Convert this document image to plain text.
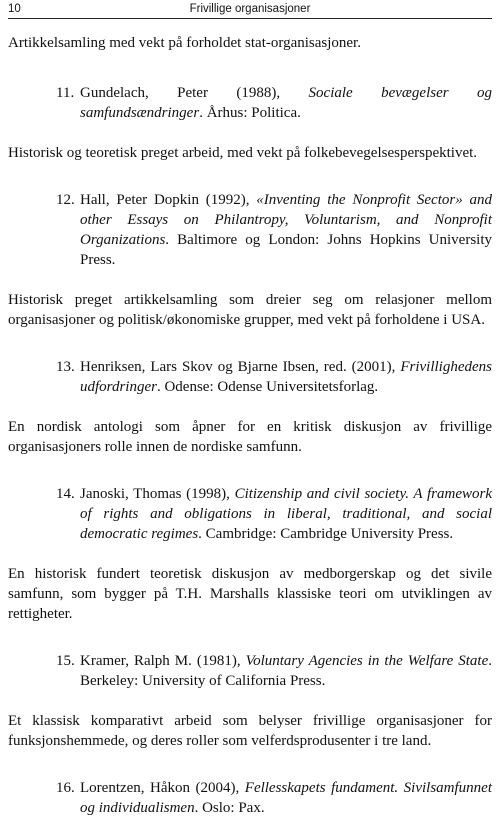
10	Frivillige organisasjoner

Artikkelsamling med vekt på forholdet stat-organisasjoner.

11. Gundelach, Peter (1988), Sociale bevægelser og samfundsændringer. Århus: Politica.

Historisk og teoretisk preget arbeid, med vekt på folkebevegelsesperspektivet.

12. Hall, Peter Dopkin (1992), «Inventing the Nonprofit Sector» and other Essays on Philantropy, Voluntarism, and Nonprofit Organizations. Baltimore og London: Johns Hopkins University Press.

Historisk preget artikkelsamling som dreier seg om relasjoner mellom organisasjoner og politisk/økonomiske grupper, med vekt på forholdene i USA.

13. Henriksen, Lars Skov og Bjarne Ibsen, red. (2001), Frivillighedens udfordringer. Odense: Odense Universitetsforlag.

En nordisk antologi som åpner for en kritisk diskusjon av frivillige organisasjoners rolle innen de nordiske samfunn.

14. Janoski, Thomas (1998), Citizenship and civil society. A framework of rights and obligations in liberal, traditional, and social democratic regimes. Cambridge: Cambridge University Press.

En historisk fundert teoretisk diskusjon av medborgerskap og det sivile samfunn, som bygger på T.H. Marshalls klassiske teori om utviklingen av rettigheter.

15. Kramer, Ralph M. (1981), Voluntary Agencies in the Welfare State. Berkeley: University of California Press.

Et klassisk komparativt arbeid som belyser frivillige organisasjoner for funksjonshemmede, og deres roller som velferdsprodusenter i tre land.

16. Lorentzen, Håkon (2004), Fellesskapets fundament. Sivilsamfunnet og individualismen. Oslo: Pax.
